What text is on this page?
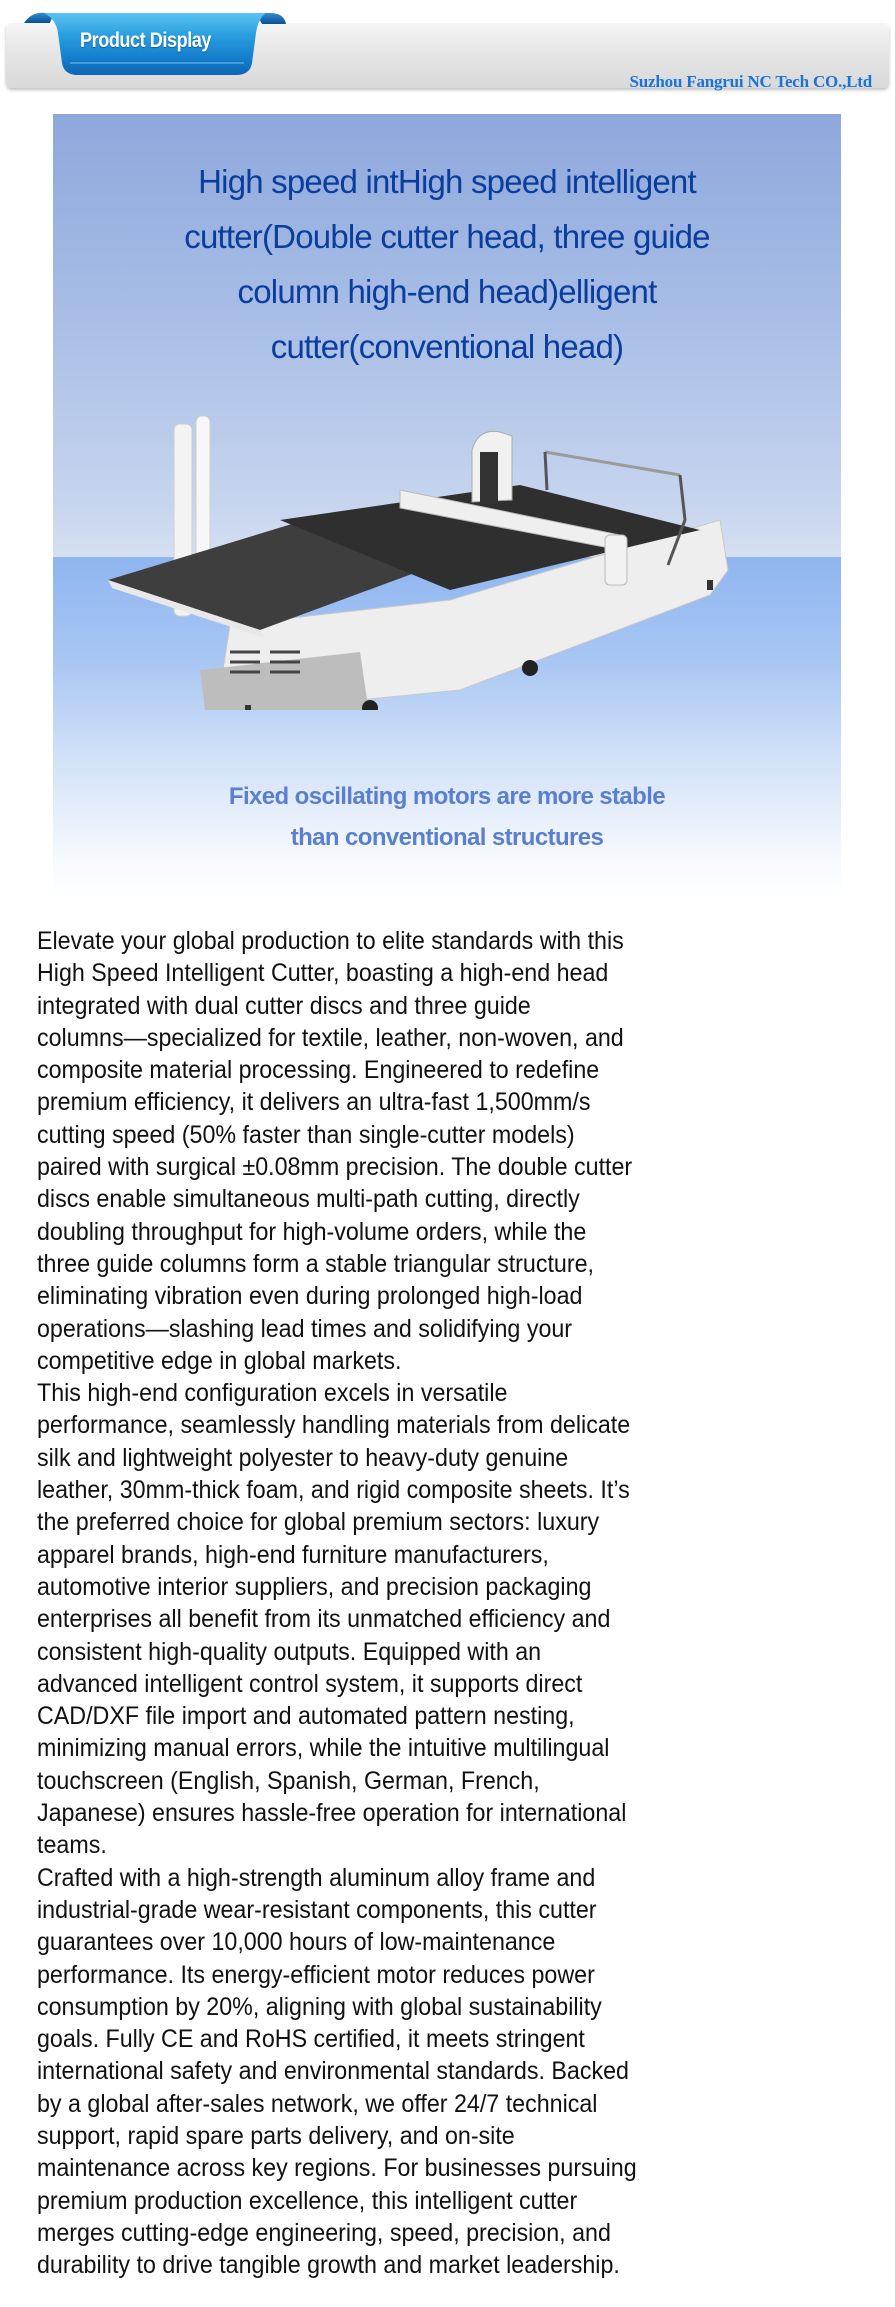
Suzhou Fangrui NC Tech CO.,Ltd
Product Display
High speed intHigh speed intelligent
cutter(Double cutter head, three guide
column high-end head)elligent
cutter(conventional head)
Fixed oscillating motors are more stable
than conventional structures
Elevate your global production to elite standards with this
High Speed Intelligent Cutter, boasting a high-end head
integrated with dual cutter discs and three guide
columns—specialized for textile, leather, non-woven, and
composite material processing. Engineered to redefine
premium efficiency, it delivers an ultra-fast 1,500mm/s
cutting speed (50% faster than single-cutter models)
paired with surgical ±0.08mm precision. The double cutter
discs enable simultaneous multi-path cutting, directly
doubling throughput for high-volume orders, while the
three guide columns form a stable triangular structure,
eliminating vibration even during prolonged high-load
operations—slashing lead times and solidifying your
competitive edge in global markets.
This high-end configuration excels in versatile
performance, seamlessly handling materials from delicate
silk and lightweight polyester to heavy-duty genuine
leather, 30mm-thick foam, and rigid composite sheets. It’s
the preferred choice for global premium sectors: luxury
apparel brands, high-end furniture manufacturers,
automotive interior suppliers, and precision packaging
enterprises all benefit from its unmatched efficiency and
consistent high-quality outputs. Equipped with an
advanced intelligent control system, it supports direct
CAD/DXF file import and automated pattern nesting,
minimizing manual errors, while the intuitive multilingual
touchscreen (English, Spanish, German, French,
Japanese) ensures hassle-free operation for international
teams.
Crafted with a high-strength aluminum alloy frame and
industrial-grade wear-resistant components, this cutter
guarantees over 10,000 hours of low-maintenance
performance. Its energy-efficient motor reduces power
consumption by 20%, aligning with global sustainability
goals. Fully CE and RoHS certified, it meets stringent
international safety and environmental standards. Backed
by a global after-sales network, we offer 24/7 technical
support, rapid spare parts delivery, and on-site
maintenance across key regions. For businesses pursuing
premium production excellence, this intelligent cutter
merges cutting-edge engineering, speed, precision, and
durability to drive tangible growth and market leadership.
